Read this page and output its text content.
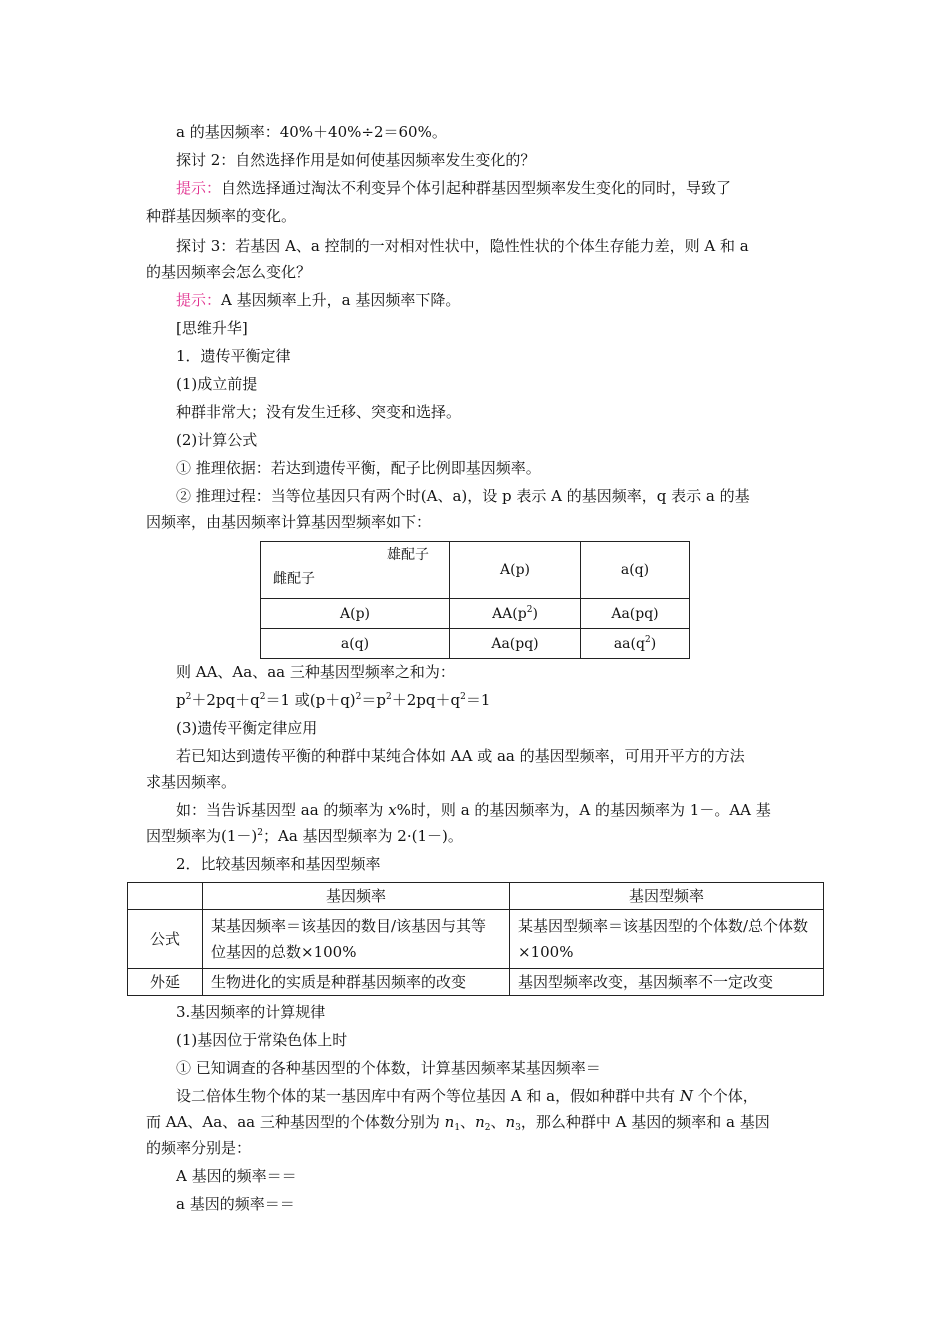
a 的基因频率：40%＋40%÷2＝60%。
探讨 2：自然选择作用是如何使基因频率发生变化的？
提示：自然选择通过淘汰不利变异个体引起种群基因型频率发生变化的同时，导致了
种群基因频率的变化。
探讨 3：若基因 A、a 控制的一对相对性状中，隐性性状的个体生存能力差，则 A 和 a
的基因频率会怎么变化？
提示：A 基因频率上升，a 基因频率下降。
[思维升华]
1．遗传平衡定律
(1)成立前提
种群非常大；没有发生迁移、突变和选择。
(2)计算公式
① 推理依据：若达到遗传平衡，配子比例即基因频率。
② 推理过程：当等位基因只有两个时(A、a)，设 p 表示 A 的基因频率，q 表示 a 的基
因频率，由基因频率计算基因型频率如下：
雄配子
雌配子	A(p)	a(q)
A(p)	$AA(p^2)$	Aa(pq)
a(q)	Aa(pq)	$aa(q^2)$
则 AA、Aa、aa 三种基因型频率之和为：
$p^2+2pq+q^2=1$ 或$(p+q)^2=p^2+2pq+q^2=1$
(3)遗传平衡定律应用
若已知达到遗传平衡的种群中某纯合体如 AA 或 aa 的基因型频率，可用开平方的方法
求基因频率。
如：当告诉基因型 aa 的频率为 x%时，则 a 的基因频率为，A 的基因频率为 1－。AA 基
因型频率为$(1-)^2$；Aa 基因型频率为 2·(1－)。
2．比较基因频率和基因型频率
	基因频率	基因型频率
公式	某基因频率＝该基因的数目/该基因与其等位基因的总数×100%	某基因型频率＝该基因型的个体数/总个体数×100%
外延	生物进化的实质是种群基因频率的改变	基因型频率改变，基因频率不一定改变
3.基因频率的计算规律
(1)基因位于常染色体上时
① 已知调查的各种基因型的个体数，计算基因频率某基因频率＝
设二倍体生物个体的某一基因库中有两个等位基因 A 和 a，假如种群中共有 N 个个体，
而 AA、Aa、aa 三种基因型的个体数分别为 $n_1$、$n_2$、$n_3$，那么种群中 A 基因的频率和 a 基因
的频率分别是：
A 基因的频率＝＝
a 基因的频率＝＝
